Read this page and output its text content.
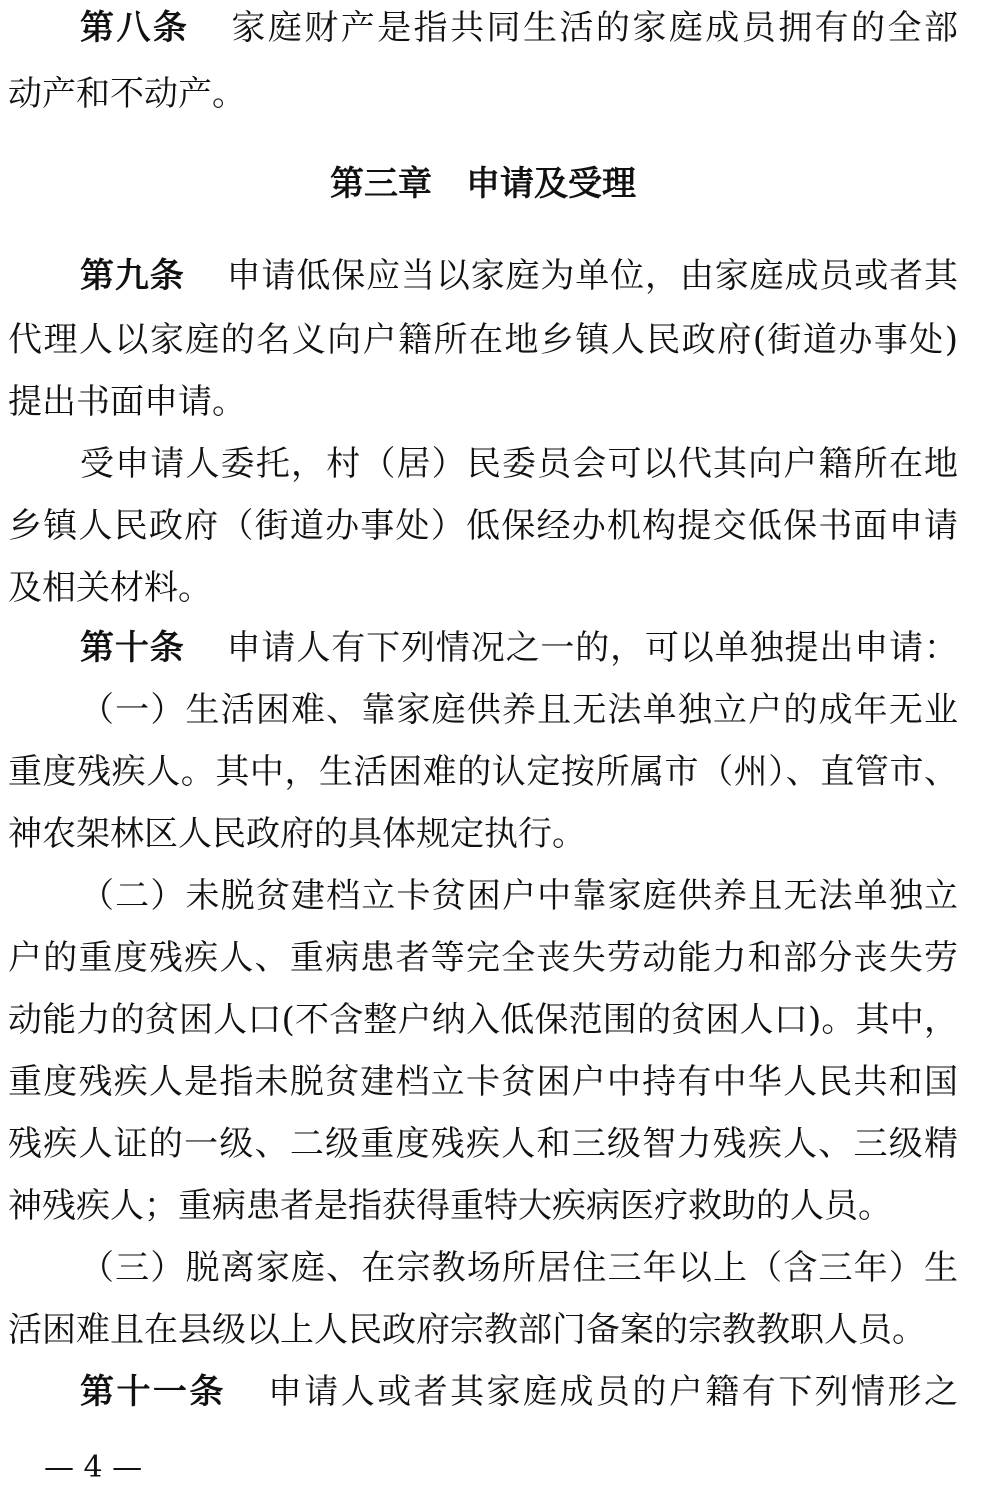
第八条 家庭财产是指共同生活的家庭成员拥有的全部
动产和不动产。
第三章　申请及受理
第九条 申请低保应当以家庭为单位，由家庭成员或者其
代理人以家庭的名义向户籍所在地乡镇人民政府(街道办事处)
提出书面申请。
受申请人委托，村（居）民委员会可以代其向户籍所在地
乡镇人民政府（街道办事处）低保经办机构提交低保书面申请
及相关材料。
第十条 申请人有下列情况之一的，可以单独提出申请：
（一）生活困难、靠家庭供养且无法单独立户的成年无业
重度残疾人。其中，生活困难的认定按所属市（州）、直管市、
神农架林区人民政府的具体规定执行。
（二）未脱贫建档立卡贫困户中靠家庭供养且无法单独立
户的重度残疾人、重病患者等完全丧失劳动能力和部分丧失劳
动能力的贫困人口(不含整户纳入低保范围的贫困人口)。其中，
重度残疾人是指未脱贫建档立卡贫困户中持有中华人民共和国
残疾人证的一级、二级重度残疾人和三级智力残疾人、三级精
神残疾人；重病患者是指获得重特大疾病医疗救助的人员。
（三）脱离家庭、在宗教场所居住三年以上（含三年）生
活困难且在县级以上人民政府宗教部门备案的宗教教职人员。
第十一条 申请人或者其家庭成员的户籍有下列情形之
— 4 —
